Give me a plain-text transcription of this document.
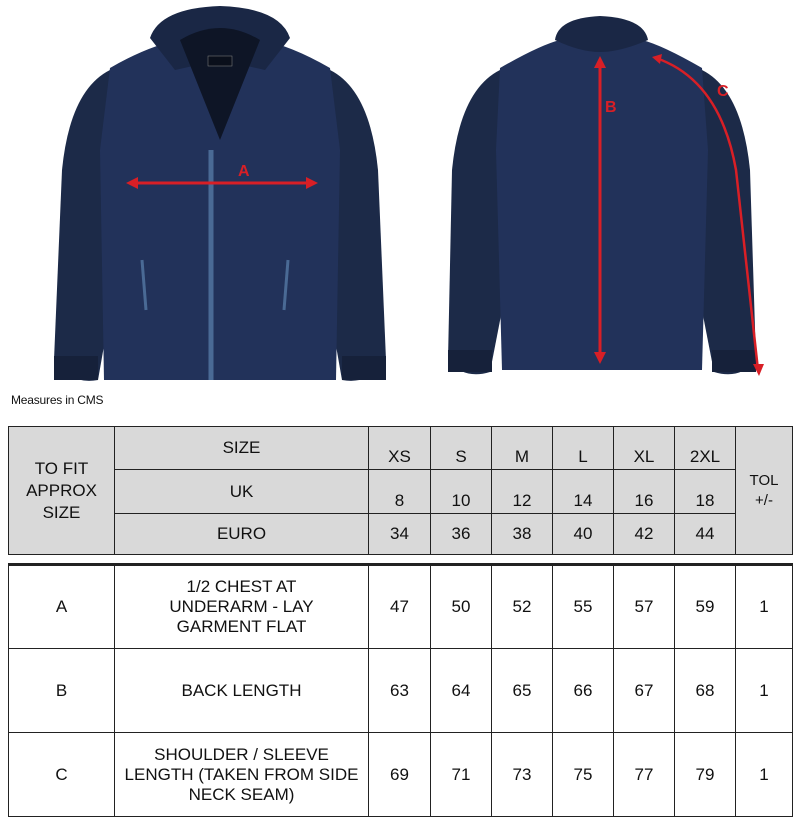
A
B
C
Measures in CMS
TO FIT APPROX SIZE	SIZE	XS	S	M	L	XL	2XL	TOL +/-
	UK	8	10	12	14	16	18	
	EURO	34	36	38	40	42	44	

A	1/2 CHEST AT UNDERARM - LAY GARMENT FLAT	47	50	52	55	57	59	1
B	BACK LENGTH	63	64	65	66	67	68	1
C	SHOULDER / SLEEVE LENGTH (TAKEN FROM SIDE NECK SEAM)	69	71	73	75	77	79	1
